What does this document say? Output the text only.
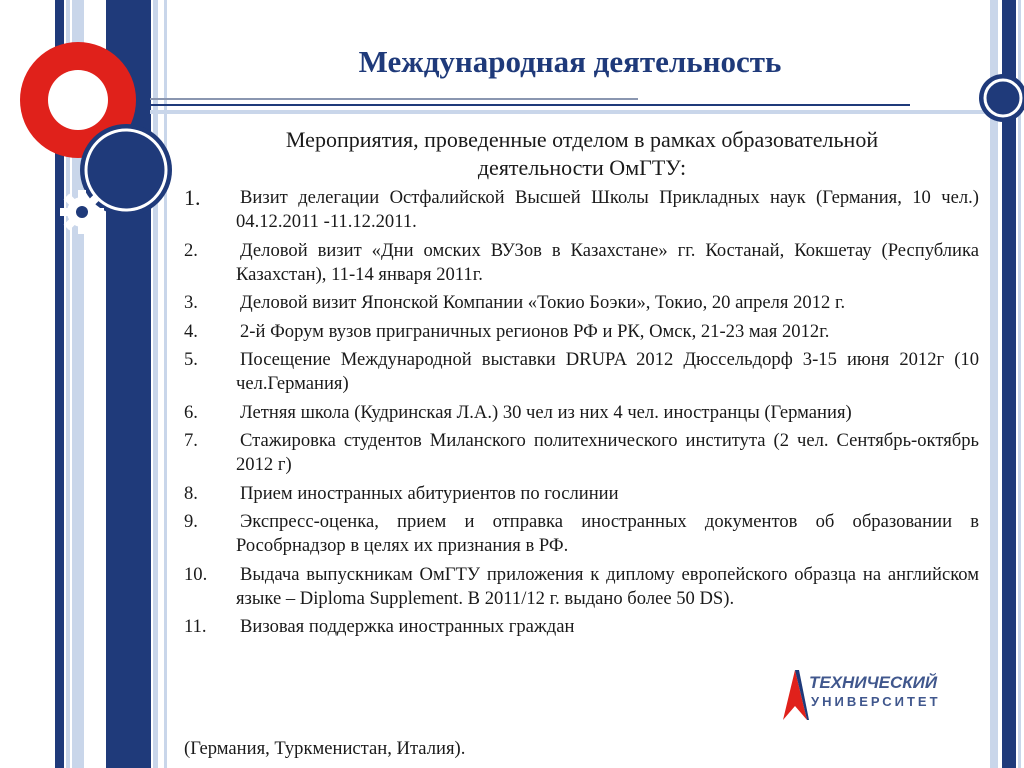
Международная деятельность
Мероприятия, проведенные отделом в рамках образовательной
деятельности ОмГТУ:
1.	Визит делегации Остфалийской Высшей Школы Прикладных наук (Германия, 10 чел.) 04.12.2011 -11.12.2011.
2.	Деловой визит «Дни омских ВУЗов в Казахстане» гг. Костанай, Кокшетау (Республика Казахстан), 11-14 января 2011г.
3.	Деловой визит Японской Компании «Токио Боэки», Токио, 20 апреля 2012 г.
4.	2-й Форум вузов приграничных регионов РФ и РК, Омск, 21-23 мая 2012г.
5.	Посещение Международной выставки DRUPA 2012 Дюссельдорф 3-15 июня 2012г (10 чел.Германия)
6.	Летняя школа (Кудринская Л.А.) 30 чел из них 4 чел. иностранцы (Германия)
7.	Стажировка студентов Миланского политехнического института (2 чел. Сентябрь-октябрь 2012 г)
8.	Прием иностранных абитуриентов по гослинии
9.	Экспресс-оценка, прием и отправка иностранных документов об образовании в Рособрнадзор в целях их признания в РФ.
10.	Выдача выпускникам ОмГТУ приложения к диплому европейского образца на английском языке – Diploma Supplement. В 2011/12 г. выдано более 50 DS).
11.	Визовая поддержка иностранных граждан
(Германия, Туркменистан, Италия).
ТЕХНИЧЕСКИЙ
УНИВЕРСИТЕТ
